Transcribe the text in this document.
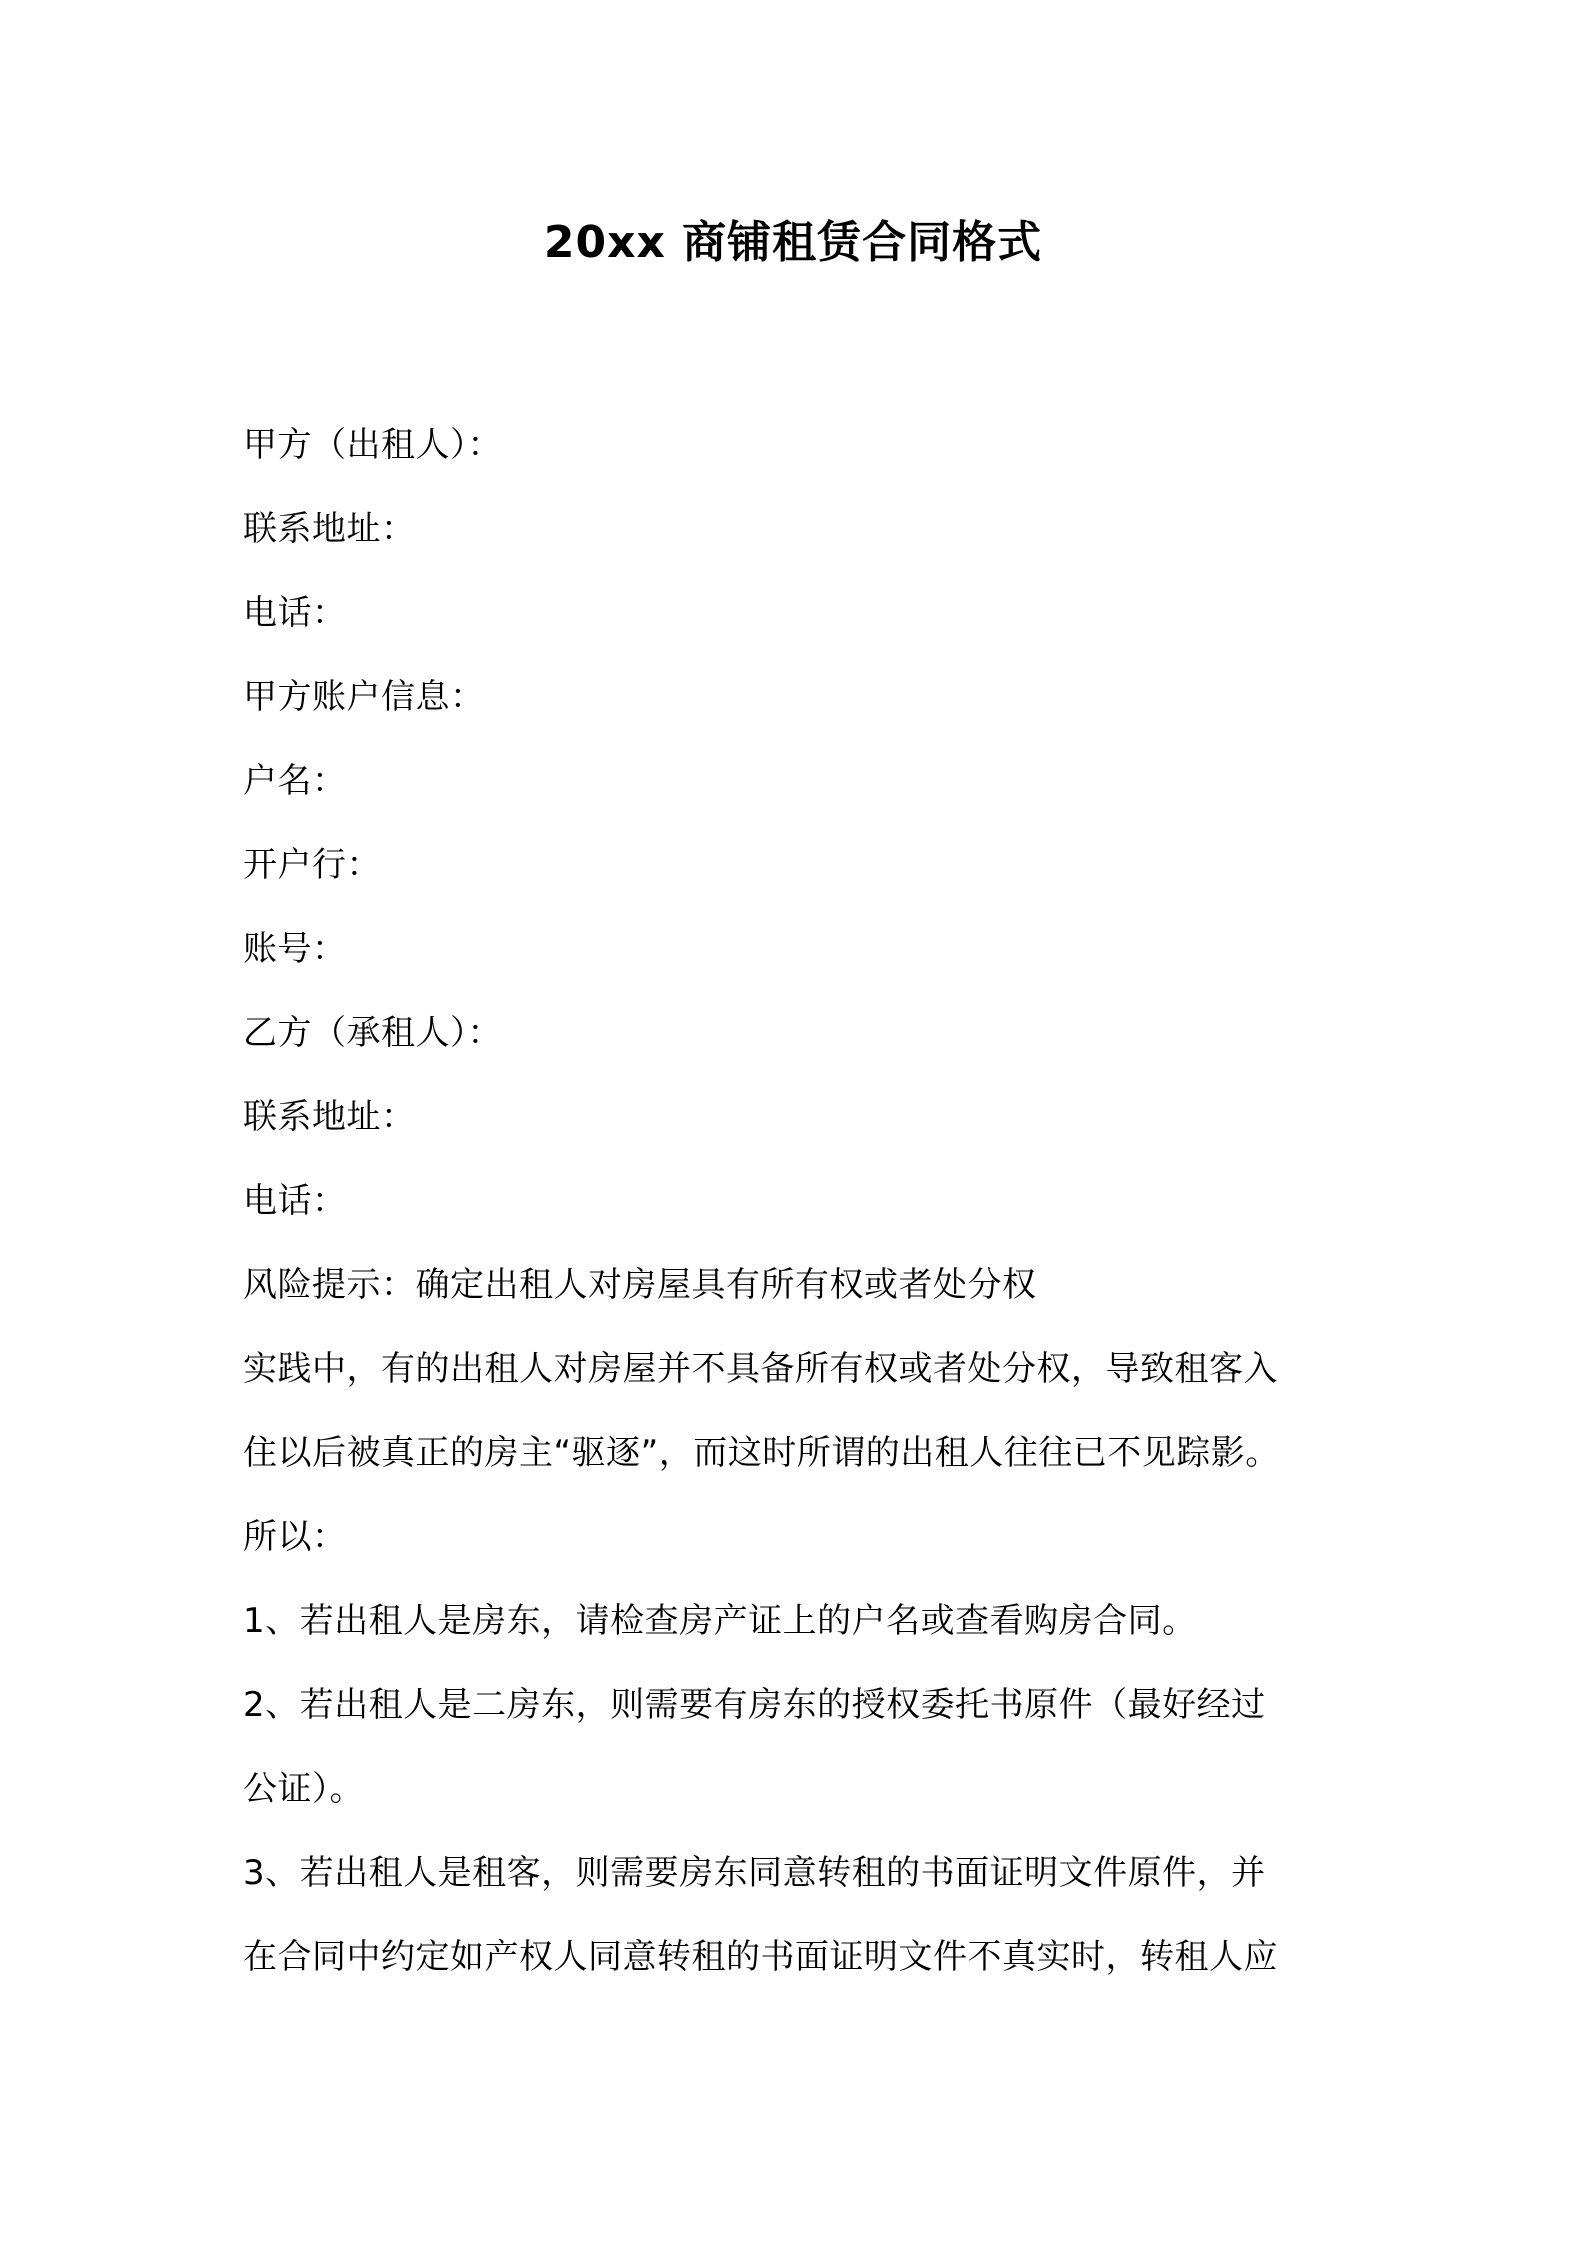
20xx 商铺租赁合同格式
甲方（出租人）：
联系地址：
电话：
甲方账户信息：
户名：
开户行：
账号：
乙方（承租人）：
联系地址：
电话：
风险提示：确定出租人对房屋具有所有权或者处分权
实践中，有的出租人对房屋并不具备所有权或者处分权，导致租客入
住以后被真正的房主“驱逐”，而这时所谓的出租人往往已不见踪影。
所以：
1、若出租人是房东，请检查房产证上的户名或查看购房合同。
2、若出租人是二房东，则需要有房东的授权委托书原件（最好经过
公证）。
3、若出租人是租客，则需要房东同意转租的书面证明文件原件，并
在合同中约定如产权人同意转租的书面证明文件不真实时，转租人应
